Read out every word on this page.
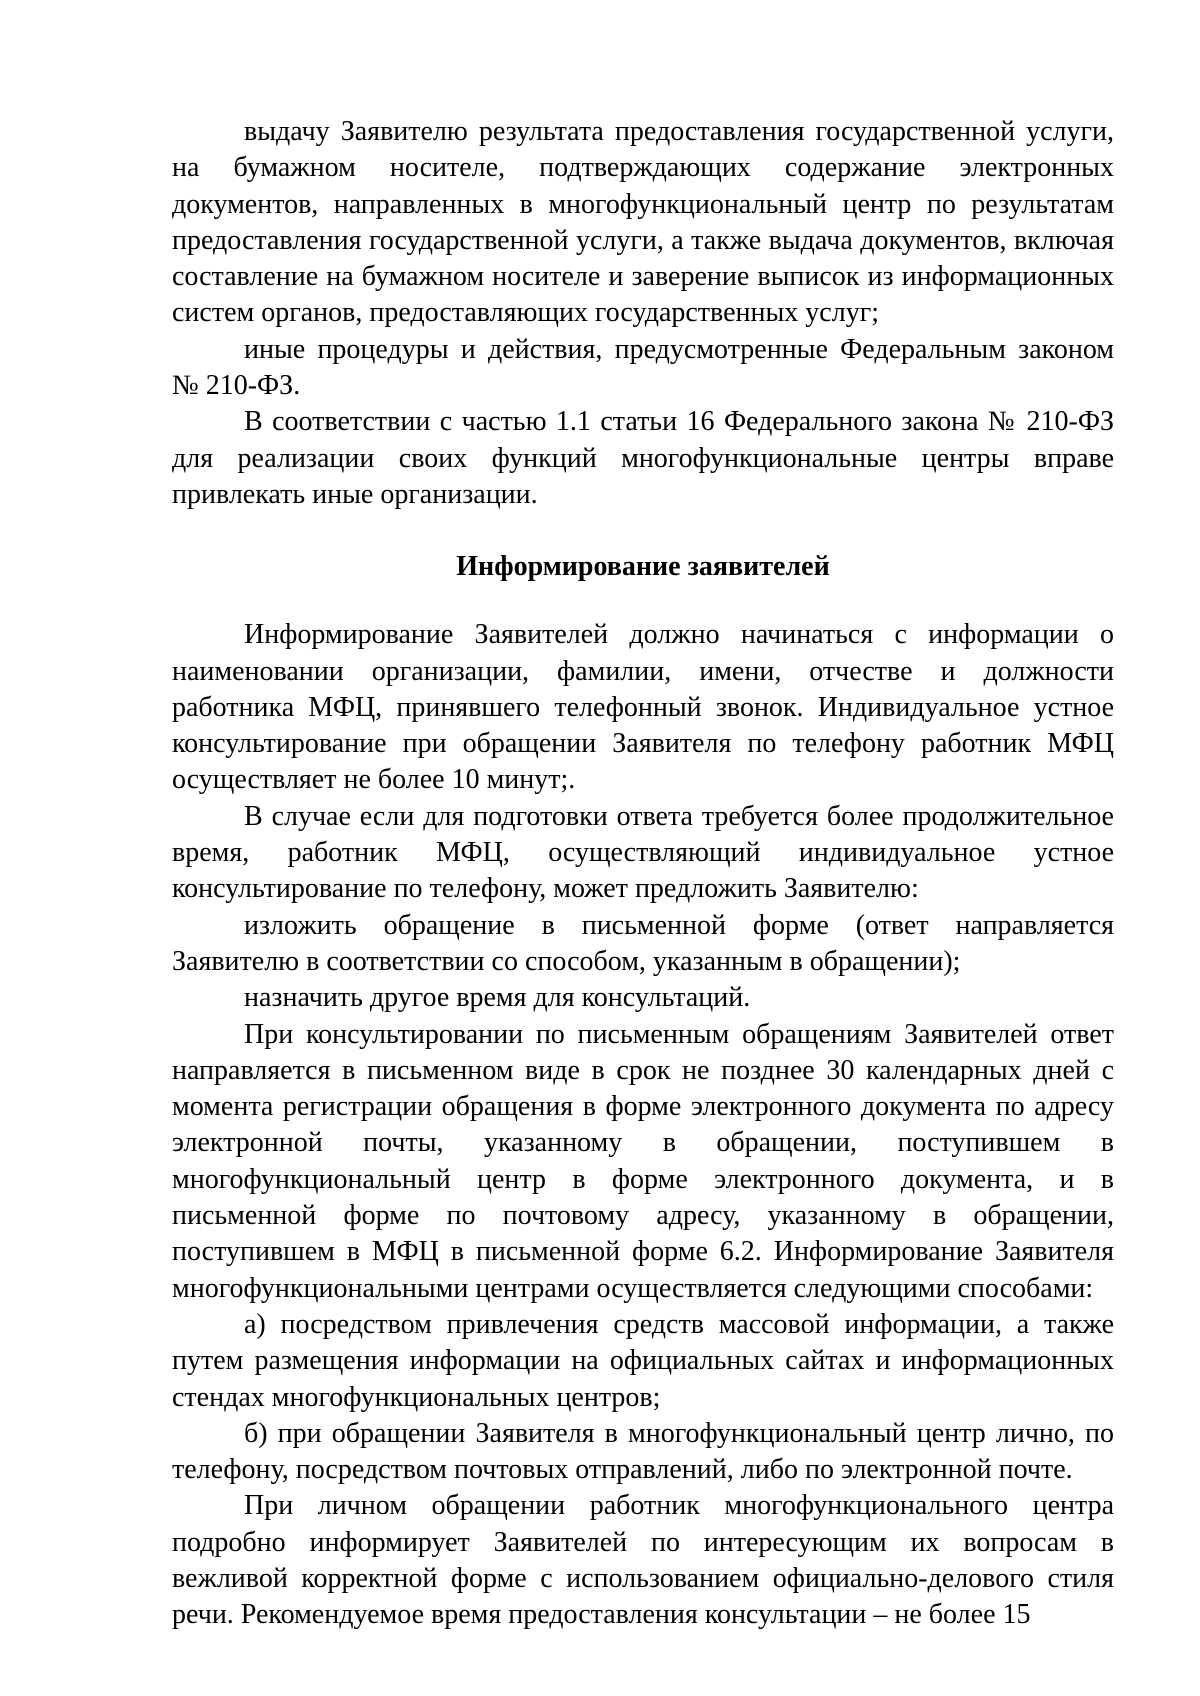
выдачу Заявителю результата предоставления государственной услуги, на бумажном носителе, подтверждающих содержание электронных документов, направленных в многофункциональный центр по результатам предоставления государственной услуги, а также выдача документов, включая составление на бумажном носителе и заверение выписок из информационных систем органов, предоставляющих государственных услуг;

иные процедуры и действия, предусмотренные Федеральным законом № 210-ФЗ.

В соответствии с частью 1.1 статьи 16 Федерального закона № 210-ФЗ для реализации своих функций многофункциональные центры вправе привлекать иные организации.

Информирование заявителей

Информирование Заявителей должно начинаться с информации о наименовании организации, фамилии, имени, отчестве и должности работника МФЦ, принявшего телефонный звонок. Индивидуальное устное консультирование при обращении Заявителя по телефону работник МФЦ осуществляет не более 10 минут;.

В случае если для подготовки ответа требуется более продолжительное время, работник МФЦ, осуществляющий индивидуальное устное консультирование по телефону, может предложить Заявителю:

изложить обращение в письменной форме (ответ направляется Заявителю в соответствии со способом, указанным в обращении);

назначить другое время для консультаций.

При консультировании по письменным обращениям Заявителей ответ направляется в письменном виде в срок не позднее 30 календарных дней с момента регистрации обращения в форме электронного документа по адресу электронной почты, указанному в обращении, поступившем в многофункциональный центр в форме электронного документа, и в письменной форме по почтовому адресу, указанному в обращении, поступившем в МФЦ в письменной форме 6.2. Информирование Заявителя многофункциональными центрами осуществляется следующими способами:

а) посредством привлечения средств массовой информации, а также путем размещения информации на официальных сайтах и информационных стендах многофункциональных центров;

б) при обращении Заявителя в многофункциональный центр лично, по телефону, посредством почтовых отправлений, либо по электронной почте.

При личном обращении работник многофункционального центра подробно информирует Заявителей по интересующим их вопросам в вежливой корректной форме с использованием официально-делового стиля речи. Рекомендуемое время предоставления консультации – не более 15
